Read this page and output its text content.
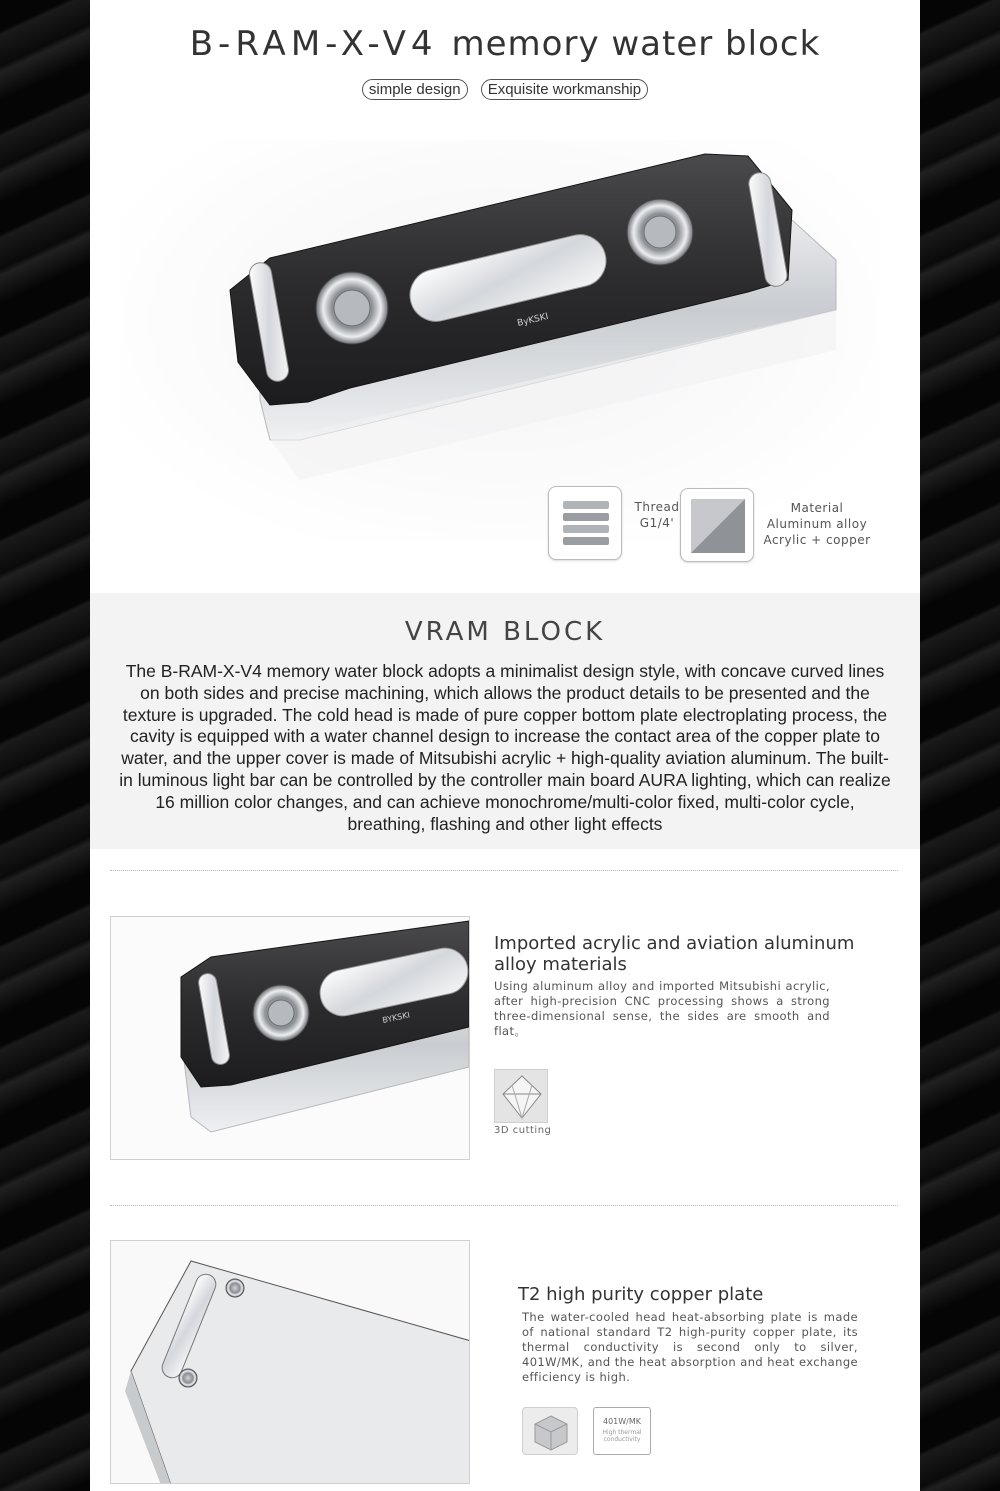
B-RAM-X-V4 memory water block
simple design Exquisite workmanship
ByKSKI
Thread
G1/4'
Material
Aluminum alloy
Acrylic + copper
VRAM BLOCK
The B-RAM-X-V4 memory water block adopts a minimalist design style, with concave curved lines on both sides and precise machining, which allows the product details to be presented and the texture is upgraded. The cold head is made of pure copper bottom plate electroplating process, the cavity is equipped with a water channel design to increase the contact area of the copper plate to water, and the upper cover is made of Mitsubishi acrylic + high-quality aviation aluminum. The built-in luminous light bar can be controlled by the controller main board AURA lighting, which can realize 16 million color changes, and can achieve monochrome/multi-color fixed, multi-color cycle, breathing, flashing and other light effects
BYKSKI
Imported acrylic and aviation aluminum alloy materials
Using aluminum alloy and imported Mitsubishi acrylic, after high-precision CNC processing shows a strong three-dimensional sense, the sides are smooth and flat。
3D cutting
T2 high purity copper plate
The water-cooled head heat-absorbing plate is made of national standard T2 high-purity copper plate, its thermal conductivity is second only to silver, 401W/MK, and the heat absorption and heat exchange efficiency is high.
401W/MK
High thermal conductivity
